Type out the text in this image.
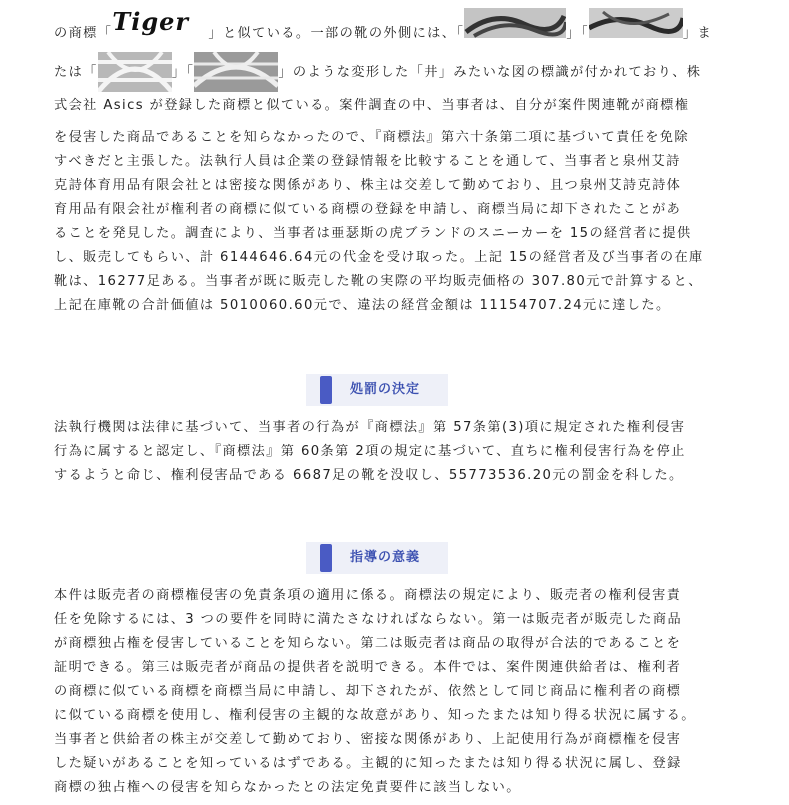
の商標「Tiger 」と似ている。一部の靴の外側には、「	」「	」ま
たは「	」「	」のような変形した「井」みたいな図の標識が付かれており、株
式会社 Asics が登録した商標と似ている。案件調査の中、当事者は、自分が案件関連靴が商標権
を侵害した商品であることを知らなかったので、『商標法』第六十条第二項に基づいて責任を免除
すべきだと主張した。法執行人員は企業の登録情報を比較することを通して、当事者と泉州艾詩
克詩体育用品有限会社とは密接な関係があり、株主は交差して勤めており、且つ泉州艾詩克詩体
育用品有限会社が権利者の商標に似ている商標の登録を申請し、商標当局に却下されたことがあ
ることを発見した。調査により、当事者は亜瑟斯の虎ブランドのスニーカーを 15の経営者に提供
し、販売してもらい、計 6144646.64元の代金を受け取った。上記 15の経営者及び当事者の在庫
靴は、16277足ある。当事者が既に販売した靴の実際の平均販売価格の 307.80元で計算すると、
上記在庫靴の合計価値は 5010060.60元で、違法の経営金額は 11154707.24元に達した。
処罰の決定
法執行機関は法律に基づいて、当事者の行為が『商標法』第 57条第(3)項に規定された権利侵害
行為に属すると認定し、『商標法』第 60条第 2項の規定に基づいて、直ちに権利侵害行為を停止
するようと命じ、権利侵害品である 6687足の靴を没収し、55773536.20元の罰金を科した。
指導の意義
本件は販売者の商標権侵害の免責条項の適用に係る。商標法の規定により、販売者の権利侵害責
任を免除するには、3 つの要件を同時に満たさなければならない。第一は販売者が販売した商品
が商標独占権を侵害していることを知らない。第二は販売者は商品の取得が合法的であることを
証明できる。第三は販売者が商品の提供者を説明できる。本件では、案件関連供給者は、権利者
の商標に似ている商標を商標当局に申請し、却下されたが、依然として同じ商品に権利者の商標
に似ている商標を使用し、権利侵害の主観的な故意があり、知ったまたは知り得る状況に属する。
当事者と供給者の株主が交差して勤めており、密接な関係があり、上記使用行為が商標権を侵害
した疑いがあることを知っているはずである。主観的に知ったまたは知り得る状況に属し、登録
商標の独占権への侵害を知らなかったとの法定免責要件に該当しない。
